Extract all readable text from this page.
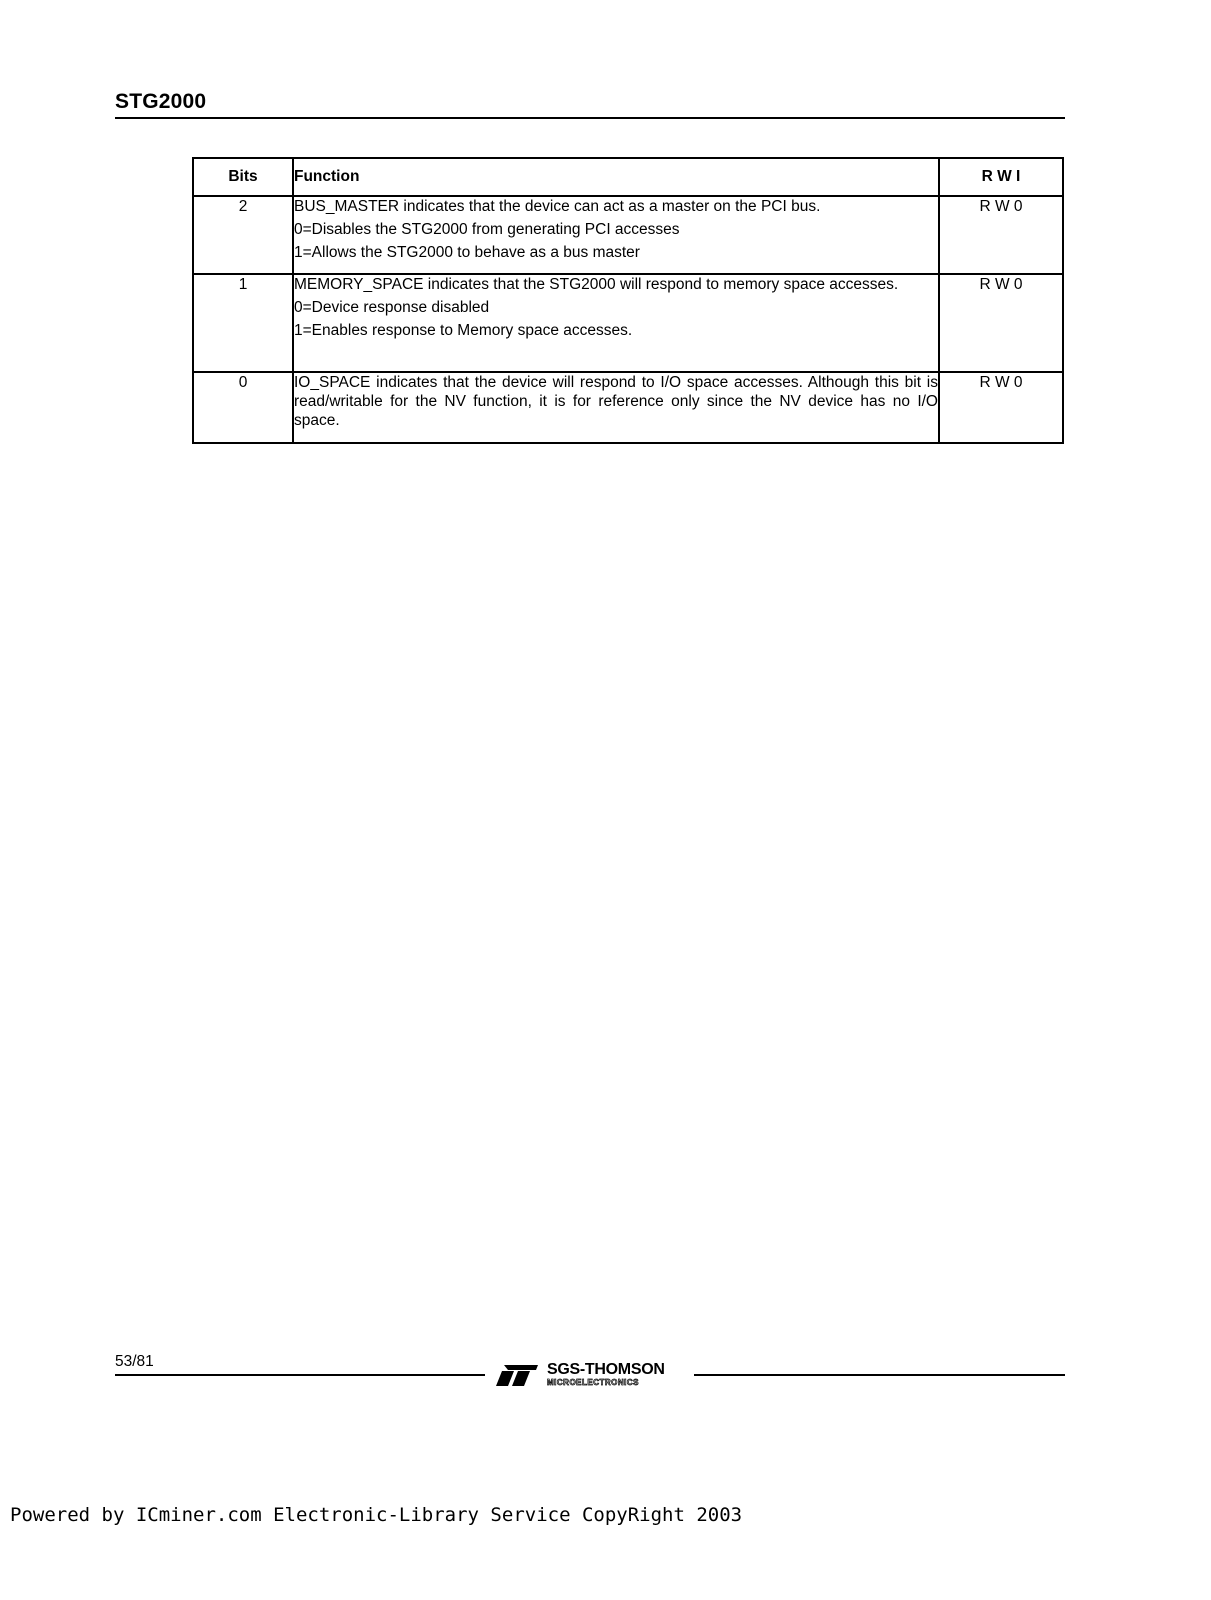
STG2000
Bits	Function	R W I
2	BUS_MASTER indicates that the device can act as a master on the PCI bus.
0=Disables the STG2000 from generating PCI accesses
1=Allows the STG2000 to behave as a bus master	R W 0
1	MEMORY_SPACE indicates that the STG2000 will respond to memory space accesses.
0=Device response disabled
1=Enables response to Memory space accesses.	R W 0
0	IO_SPACE indicates that the device will respond to I/O space accesses. Although this bit is read/writable for the NV function, it is for reference only since the NV device has no I/O space.	R W 0
53/81	SGS-THOMSON
MICROELECTRONICS
Powered by ICminer.com Electronic-Library Service CopyRight 2003
